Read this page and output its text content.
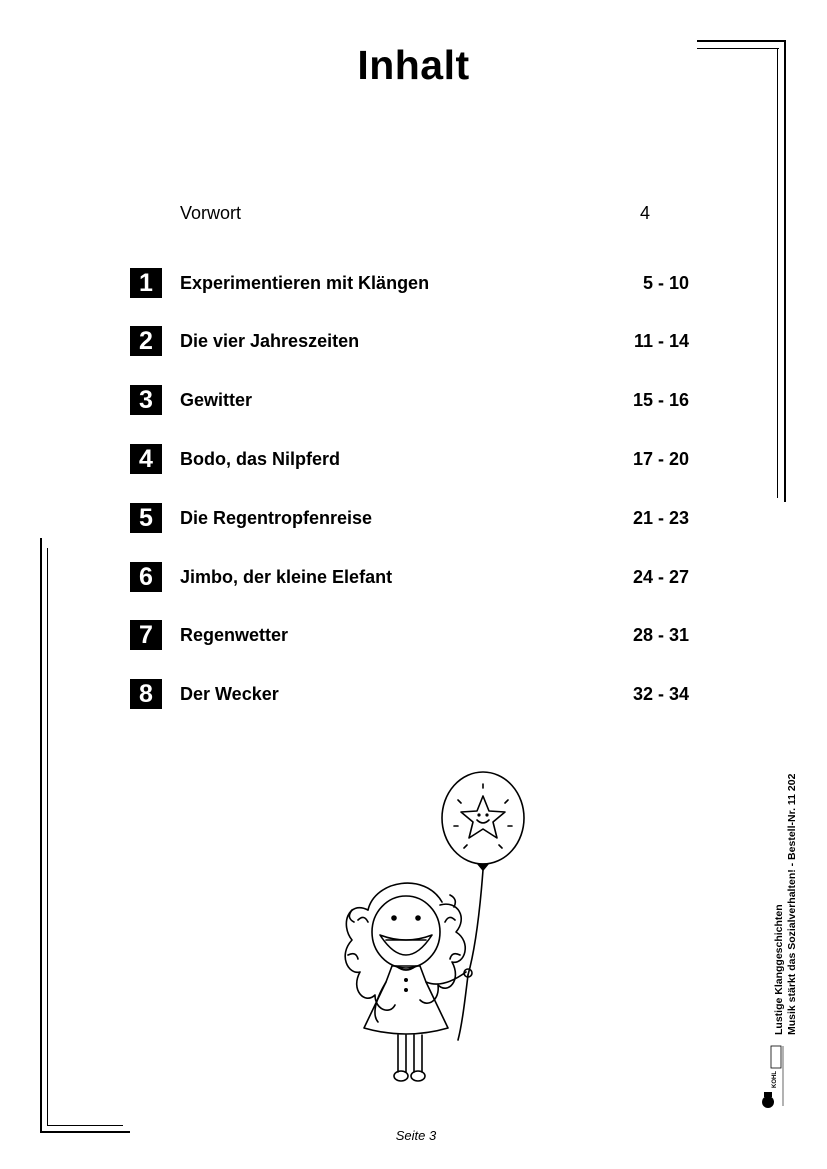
Inhalt
Vorwort	4
1	Experimentieren mit Klängen	5 - 10
2	Die vier Jahreszeiten	11 - 14
3	Gewitter	15 - 16
4	Bodo, das Nilpferd	17 - 20
5	Die Regentropfenreise	21 - 23
6	Jimbo, der kleine Elefant	24 - 27
7	Regenwetter	28 - 31
8	Der Wecker	32 - 34
Lustige Klanggeschichten Musik stärkt das Sozialverhalten! - Bestell-Nr. 11 202
KOHL
Seite 3
